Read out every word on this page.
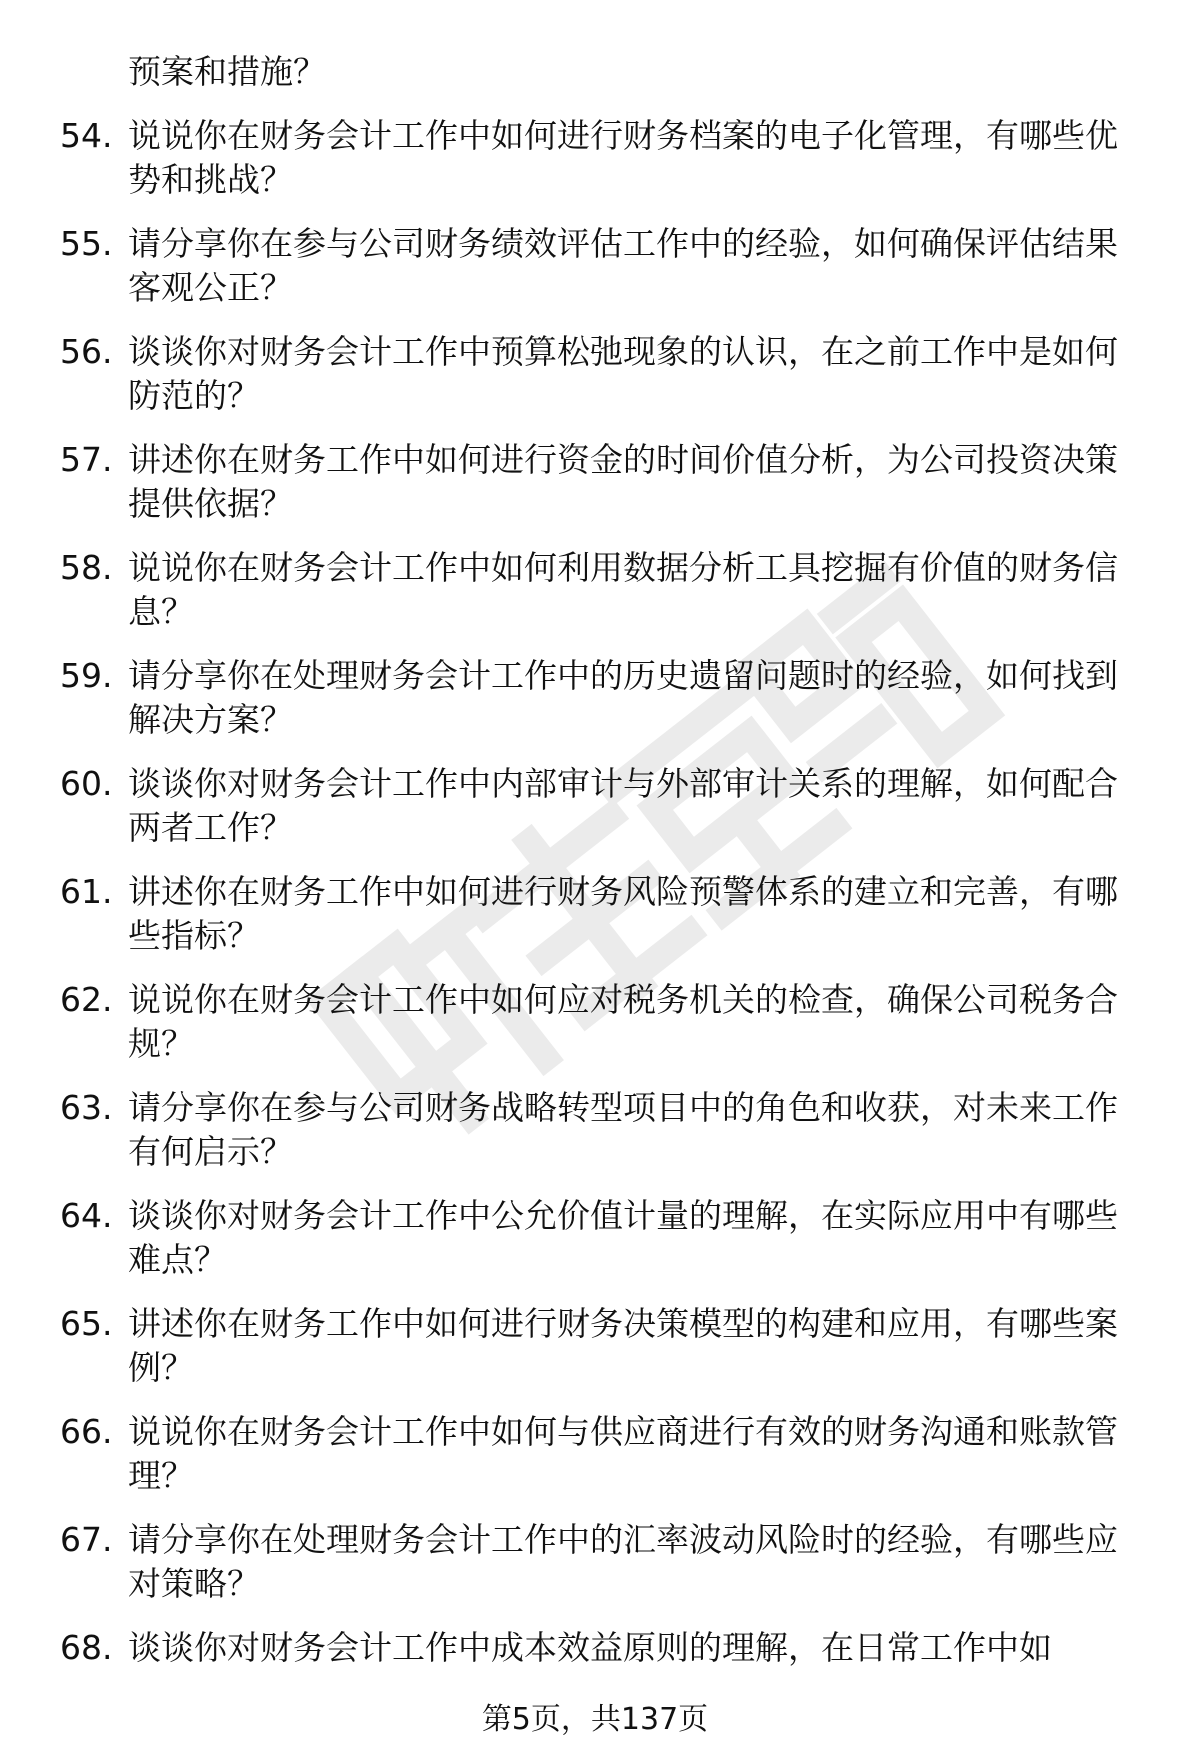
预案和措施？

54. 说说你在财务会计工作中如何进行财务档案的电子化管理，有哪些优势和挑战？
55. 请分享你在参与公司财务绩效评估工作中的经验，如何确保评估结果客观公正？
56. 谈谈你对财务会计工作中预算松弛现象的认识，在之前工作中是如何防范的？
57. 讲述你在财务工作中如何进行资金的时间价值分析，为公司投资决策提供依据？
58. 说说你在财务会计工作中如何利用数据分析工具挖掘有价值的财务信息？
59. 请分享你在处理财务会计工作中的历史遗留问题时的经验，如何找到解决方案？
60. 谈谈你对财务会计工作中内部审计与外部审计关系的理解，如何配合两者工作？
61. 讲述你在财务工作中如何进行财务风险预警体系的建立和完善，有哪些指标？
62. 说说你在财务会计工作中如何应对税务机关的检查，确保公司税务合规？
63. 请分享你在参与公司财务战略转型项目中的角色和收获，对未来工作有何启示？
64. 谈谈你对财务会计工作中公允价值计量的理解，在实际应用中有哪些难点？
65. 讲述你在财务工作中如何进行财务决策模型的构建和应用，有哪些案例？
66. 说说你在财务会计工作中如何与供应商进行有效的财务沟通和账款管理？
67. 请分享你在处理财务会计工作中的汇率波动风险时的经验，有哪些应对策略？
68. 谈谈你对财务会计工作中成本效益原则的理解，在日常工作中如
第5页，共137页
